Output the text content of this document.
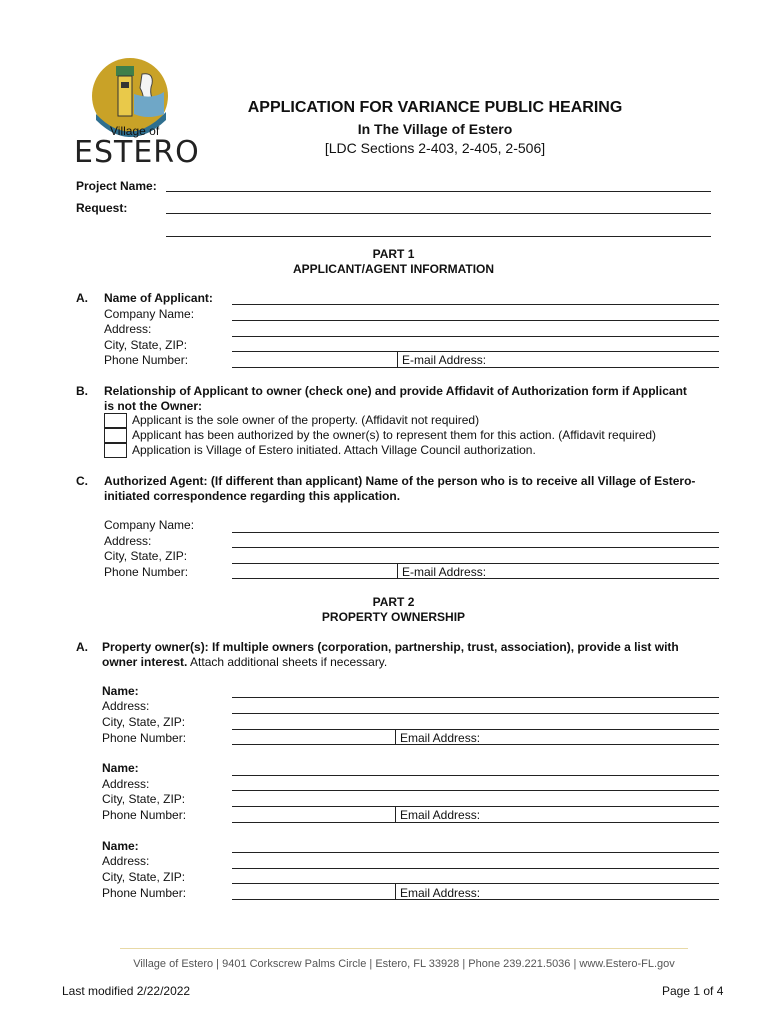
Village of
ESTERO
APPLICATION FOR VARIANCE PUBLIC HEARING
In The Village of Estero
[LDC Sections 2-403, 2-405, 2-506]
Project Name:
Request:
PART 1
APPLICANT/AGENT INFORMATION
A. Name of Applicant:
Company Name:
Address:
City, State, ZIP:
Phone Number:	E-mail Address:
B. Relationship of Applicant to owner (check one) and provide Affidavit of Authorization form if Applicant
is not the Owner:
Applicant is the sole owner of the property. (Affidavit not required)
Applicant has been authorized by the owner(s) to represent them for this action. (Affidavit required)
Application is Village of Estero initiated. Attach Village Council authorization.
C. Authorized Agent: (If different than applicant) Name of the person who is to receive all Village of Estero-
initiated correspondence regarding this application.
Company Name:
Address:
City, State, ZIP:
Phone Number:	E-mail Address:
PART 2
PROPERTY OWNERSHIP
A. Property owner(s): If multiple owners (corporation, partnership, trust, association), provide a list with
owner interest. Attach additional sheets if necessary.
Name:
Address:
City, State, ZIP:
Phone Number:	Email Address:
Name:
Address:
City, State, ZIP:
Phone Number:	Email Address:
Name:
Address:
City, State, ZIP:
Phone Number:	Email Address:
Village of Estero | 9401 Corkscrew Palms Circle | Estero, FL 33928 | Phone 239.221.5036 | www.Estero-FL.gov
Last modified 2/22/2022	Page 1 of 4
